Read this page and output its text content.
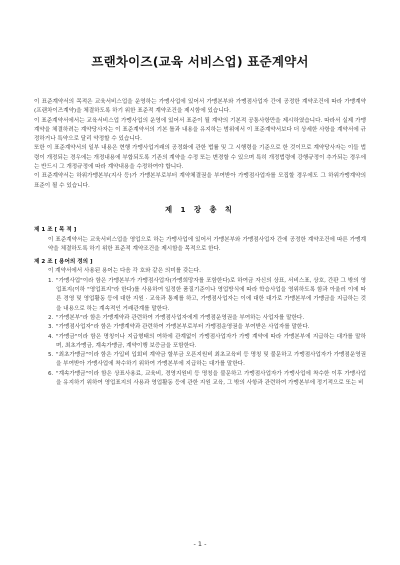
프랜차이즈(교육 서비스업) 표준계약서

이 표준계약서의 목적은 교육서비스업을 운영하는 가맹사업에 있어서 가맹본부와 가맹점사업자 간에 공정한 계약조건에 따라 가맹계약 (프랜차이즈계약)을 체결하도록 하기 위한 표준적 계약조건을 제시함에 있습니다.

이 표준계약서에서는 교육서비스업 가맹사업의 운영에 있어서 표준이 될 계약의 기본적 공통사항만을 제시하였습니다. 따라서 실제 가맹계약을 체결하려는 계약당사자는 이 표준계약서의 기본 틀과 내용을 유지하는 범위에서 이 표준계약서보다 더 상세한 사항을 계약서에 규정하거나 특약으로 달리 약정할 수 있습니다.

또한 이 표준계약서의 일부 내용은 현행 가맹사업거래의 공정화에 관한 법률 및 그 시행령을 기준으로 한 것이므로 계약당사자는 이들 법령이 개정되는 경우에는 개정내용에 부합되도록 기존의 계약을 수정 또는 변경할 수 있으며 특히 개정법령에 강행규정이 추가되는 경우에는 반드시 그 개정규정에 따라 계약내용을 수정하여야 합니다.

이 표준계약서는 하위가맹본부(지사 등)가 가맹본부로부터 계약체결권을 부여받아 가맹점사업자를 모집할 경우에도 그 하위가맹계약의 표준이 될 수 있습니다.

제 1 장 총 칙
제 1 조 [ 목 적 ]
이 표준계약서는 교육서비스업을 영업으로 하는 가맹사업에 있어서 가맹본부와 가맹점사업자 간에 공정한 계약조건에 따른 가맹계약을 체결하도록 하기 위한 표준적 계약조건을 제시함을 목적으로 한다.
제 2 조 [ 용어의 정의 ]
이 계약서에서 사용된 용어는 다음 각 호와 같은 의미를 갖는다.
1. "가맹사업"이라 함은 가맹본부가 가맹점사업자(가맹희망자를 포함한다)로 하여금 자신의 상표, 서비스표, 상호, 간판 그 밖의 영업표지(이하 "영업표지"라 한다)를 사용하여 일정한 품질기준이나 영업방식에 따라 학습사업을 영위하도록 함과 아울러 이에 따른 경영 및 영업활동 등에 대한 지원 · 교육과 통제를 하고, 가맹점사업자는 이에 대한 대가로 가맹본부에 가맹금을 지급하는 것을 내용으로 하는 계속적인 거래관계를 말한다.
2. "가맹본부"라 함은 가맹계약과 관련하여 가맹점사업자에게 가맹점운영권을 부여하는 사업자를 말한다.
3. "가맹점사업자"라 함은 가맹계약과 관련하여 가맹본부로부터 가맹점운영권을 부여받은 사업자를 말한다.
4. "가맹금"이라 함은 명칭이나 지급형태의 여하에 관계없이 가맹점사업자가 가맹 계약에 따라 가맹본부에 지급하는 대가를 말하며, 최초가맹금, 계속가맹금, 계약이행 보증금을 포함한다.
5. "최초가맹금"이라 함은 가입비 입회비 계약금 할부금 오픈지원비 최초교육비 등 명칭 및 불문하고 가맹점사업자가 가맹점운영권을 부여받아 가맹사업에 착수하기 위하여 가맹본부에 지급하는 대가를 말한다.
6. "계속가맹금"이라 함은 상표사용료, 교육비, 경영지원비 등 명칭을 불문하고 가맹점사업자가 가맹사업에 착수한 이후 가맹사업을 유지하기 위하여 영업표지의 사용과 영업활동 등에 관한 지원 교육, 그 밖의 사항과 관련하여 가맹본부에 정기적으로 또는 비
- 1 -
